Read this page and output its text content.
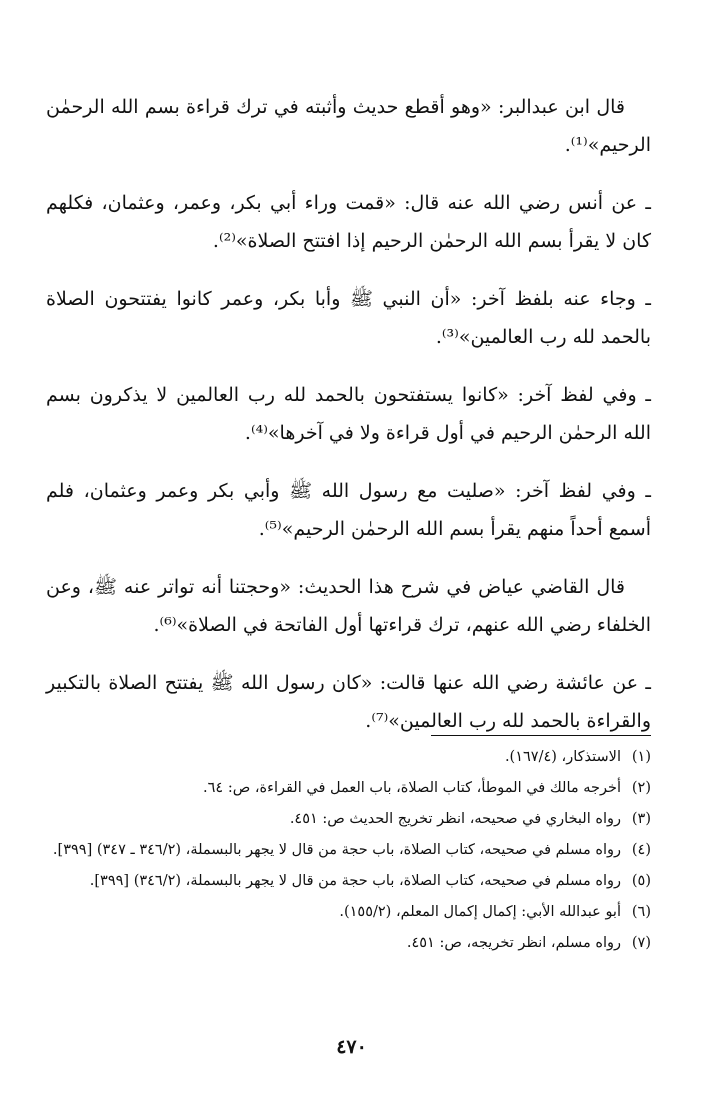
قال ابن عبدالبر: «وهو أقطع حديث وأثبته في ترك قراءة بسم الله الرحمٰن الرحيم»⁽¹⁾.

ـ عن أنس رضي الله عنه قال: «قمت وراء أبي بكر، وعمر، وعثمان، فكلهم كان لا يقرأ بسم الله الرحمٰن الرحيم إذا افتتح الصلاة»⁽²⁾.

ـ وجاء عنه بلفظ آخر: «أن النبي ﷺ وأبا بكر، وعمر كانوا يفتتحون الصلاة بالحمد لله رب العالمين»⁽³⁾.

ـ وفي لفظ آخر: «كانوا يستفتحون بالحمد لله رب العالمين لا يذكرون بسم الله الرحمٰن الرحيم في أول قراءة ولا في آخرها»⁽⁴⁾.

ـ وفي لفظ آخر: «صليت مع رسول الله ﷺ وأبي بكر وعمر وعثمان، فلم أسمع أحداً منهم يقرأ بسم الله الرحمٰن الرحيم»⁽⁵⁾.

قال القاضي عياض في شرح هذا الحديث: «وحجتنا أنه تواتر عنه ﷺ، وعن الخلفاء رضي الله عنهم، ترك قراءتها أول الفاتحة في الصلاة»⁽⁶⁾.

ـ عن عائشة رضي الله عنها قالت: «كان رسول الله ﷺ يفتتح الصلاة بالتكبير والقراءة بالحمد لله رب العالمين»⁽⁷⁾.

(١)
الاستذكار، (١٦٧/٤).
(٢)
أخرجه مالك في الموطأ، كتاب الصلاة، باب العمل في القراءة، ص: ٦٤.
(٣)
رواه البخاري في صحيحه، انظر تخريج الحديث ص: ٤٥١.
(٤)
رواه مسلم في صحيحه، كتاب الصلاة، باب حجة من قال لا يجهر بالبسملة، (٣٤٦/٢ ـ ٣٤٧) [٣٩٩].
(٥)
رواه مسلم في صحيحه، كتاب الصلاة، باب حجة من قال لا يجهر بالبسملة، (٣٤٦/٢) [٣٩٩].
(٦)
أبو عبدالله الأبي: إكمال إكمال المعلم، (١٥٥/٢).
(٧)
رواه مسلم، انظر تخريجه، ص: ٤٥١.
٤٧٠
